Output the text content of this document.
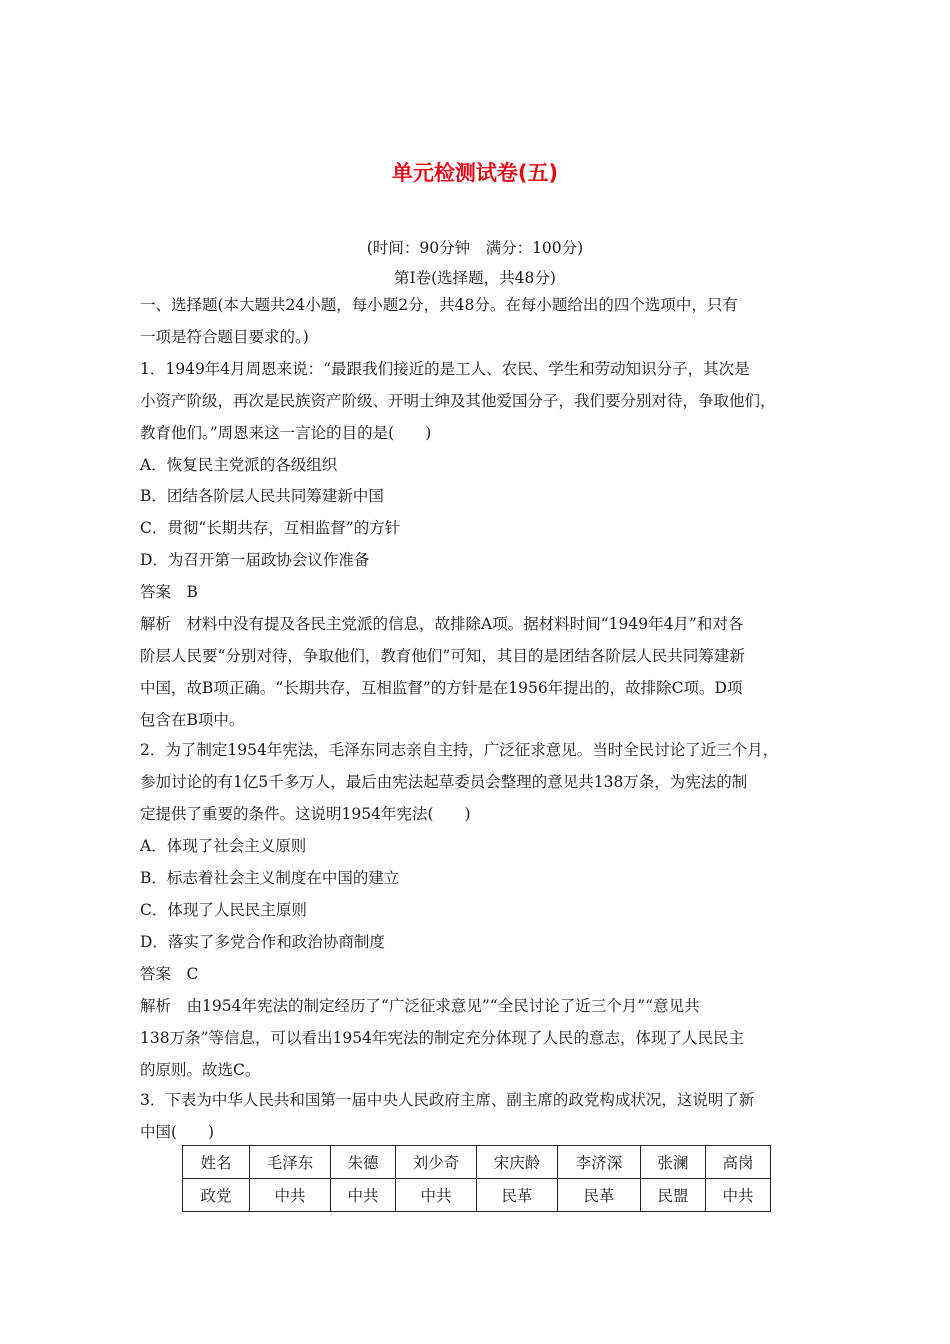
单元检测试卷(五)
(时间：90分钟　满分：100分)
第Ⅰ卷(选择题，共48分)
一、选择题(本大题共24小题，每小题2分，共48分。在每小题给出的四个选项中，只有
一项是符合题目要求的。)
1．1949年4月周恩来说：“最跟我们接近的是工人、农民、学生和劳动知识分子，其次是
小资产阶级，再次是民族资产阶级、开明士绅及其他爱国分子，我们要分别对待，争取他们，
教育他们。”周恩来这一言论的目的是(　　)
A．恢复民主党派的各级组织
B．团结各阶层人民共同筹建新中国
C．贯彻“长期共存，互相监督”的方针
D．为召开第一届政协会议作准备
答案　B
解析　材料中没有提及各民主党派的信息，故排除A项。据材料时间“1949年4月”和对各
阶层人民要“分别对待，争取他们，教育他们”可知，其目的是团结各阶层人民共同筹建新
中国，故B项正确。“长期共存，互相监督”的方针是在1956年提出的，故排除C项。D项
包含在B项中。
2．为了制定1954年宪法，毛泽东同志亲自主持，广泛征求意见。当时全民讨论了近三个月，
参加讨论的有1亿5千多万人，最后由宪法起草委员会整理的意见共138万条，为宪法的制
定提供了重要的条件。这说明1954年宪法(　　)
A．体现了社会主义原则
B．标志着社会主义制度在中国的建立
C．体现了人民民主原则
D．落实了多党合作和政治协商制度
答案　C
解析　由1954年宪法的制定经历了“广泛征求意见”“全民讨论了近三个月”“意见共
138万条”等信息，可以看出1954年宪法的制定充分体现了人民的意志，体现了人民民主
的原则。故选C。
3．下表为中华人民共和国第一届中央人民政府主席、副主席的政党构成状况，这说明了新
中国(　　)
姓名	毛泽东	朱德	刘少奇	宋庆龄	李济深	张澜	高岗
政党	中共	中共	中共	民革	民革	民盟	中共
